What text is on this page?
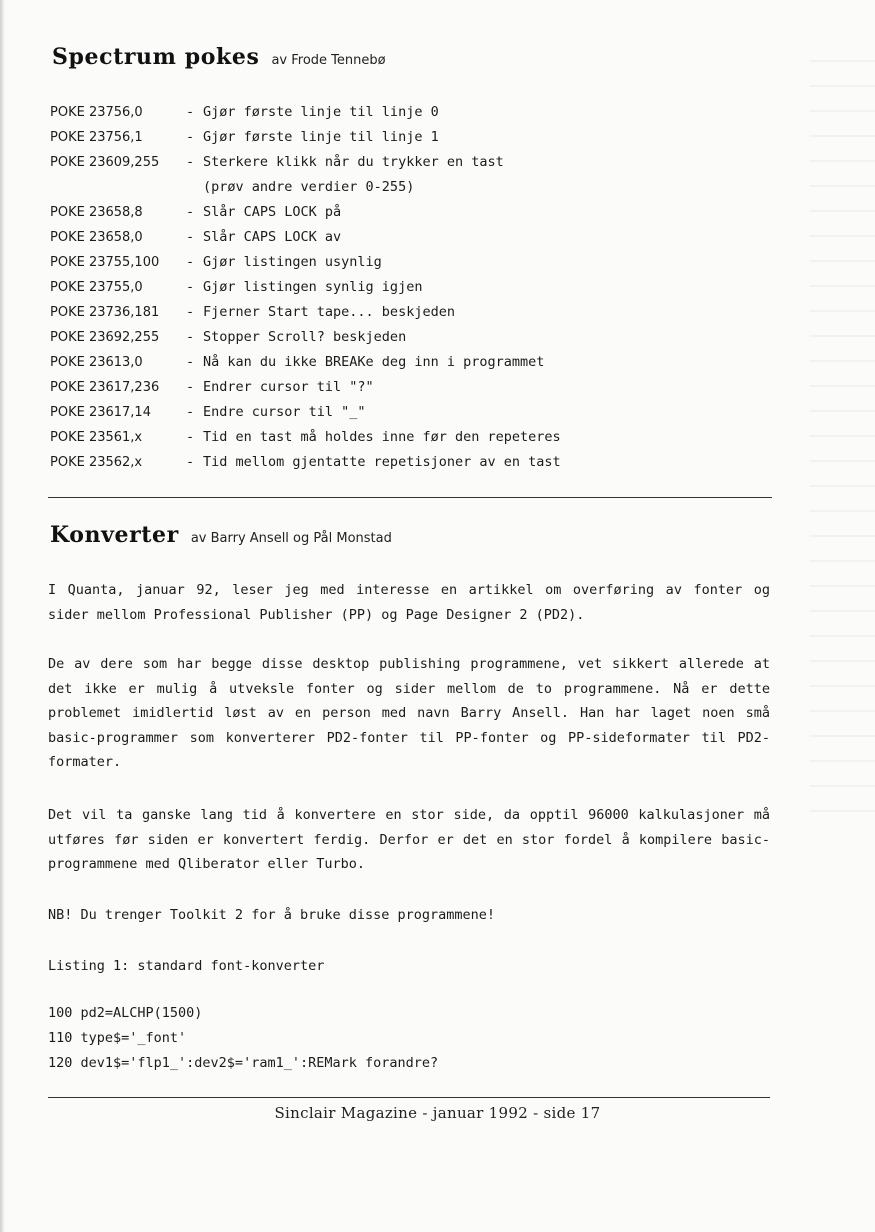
Spectrum pokes av Frode Tennebø
POKE 23756,0	- Gjør første linje til linje 0
POKE 23756,1	- Gjør første linje til linje 1
POKE 23609,255 - Sterkere klikk når du trykker en tast
(prøv andre verdier 0-255)
POKE 23658,8	- Slår CAPS LOCK på
POKE 23658,0	- Slår CAPS LOCK av
POKE 23755,100 - Gjør listingen usynlig
POKE 23755,0	- Gjør listingen synlig igjen
POKE 23736,181 - Fjerner Start tape... beskjeden
POKE 23692,255 - Stopper Scroll? beskjeden
POKE 23613,0	- Nå kan du ikke BREAKe deg inn i programmet
POKE 23617,236 - Endrer cursor til "?"
POKE 23617,14	- Endre cursor til "_"
POKE 23561,x	- Tid en tast må holdes inne før den repeteres
POKE 23562,x	- Tid mellom gjentatte repetisjoner av en tast
Konverter av Barry Ansell og Pål Monstad
I Quanta, januar 92, leser jeg med interesse en artikkel om overføring av fonter og sider mellom Professional Publisher (PP) og Page Designer 2 (PD2).
De av dere som har begge disse desktop publishing programmene, vet sikkert allerede at det ikke er mulig å utveksle fonter og sider mellom de to programmene. Nå er dette problemet imidlertid løst av en person med navn Barry Ansell. Han har laget noen små basic-programmer som konverterer PD2-fonter til PP-fonter og PP-sideformater til PD2-formater.
Det vil ta ganske lang tid å konvertere en stor side, da opptil 96000 kalkulasjoner må utføres før siden er konvertert ferdig. Derfor er det en stor fordel å kompilere basic-programmene med Qliberator eller Turbo.
NB! Du trenger Toolkit 2 for å bruke disse programmene!
Listing 1: standard font-konverter
100 pd2=ALCHP(1500)
110 type$='_font'
120 dev1$='flp1_':dev2$='ram1_':REMark forandre?
Sinclair Magazine - januar 1992 - side 17
